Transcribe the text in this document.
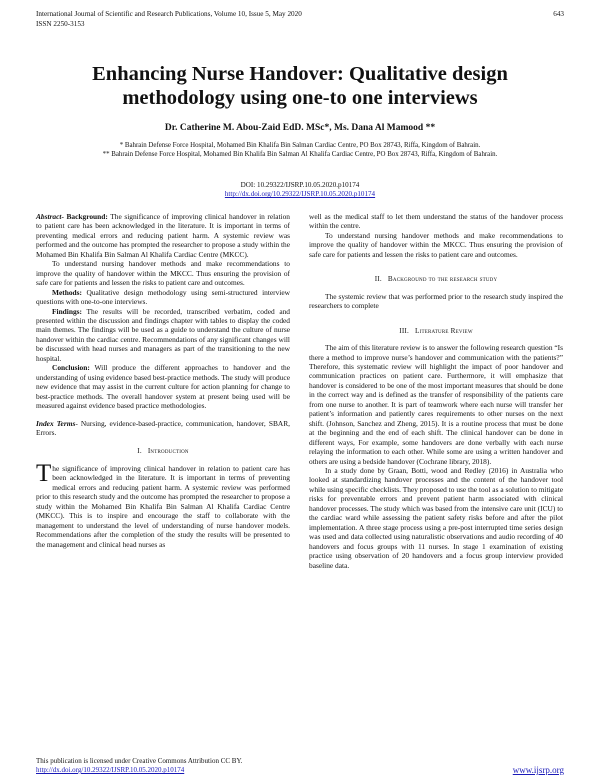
International Journal of Scientific and Research Publications, Volume 10, Issue 5, May 2020
ISSN 2250-3153
643
Enhancing Nurse Handover: Qualitative design
methodology using one-to one interviews
Dr. Catherine M. Abou-Zaid EdD. MSc*, Ms. Dana Al Mamood **
* Bahrain Defense Force Hospital, Mohamed Bin Khalifa Bin Salman Cardiac Centre, PO Box 28743, Riffa, Kingdom of Bahrain.
** Bahrain Defense Force Hospital, Mohamed Bin Khalifa Bin Salman Al Khalifa Cardiac Centre, PO Box 28743, Riffa, Kingdom of Bahrain.
DOI: 10.29322/IJSRP.10.05.2020.p10174
http://dx.doi.org/10.29322/IJSRP.10.05.2020.p10174

Abstract- Background: The significance of improving clinical handover in relation to patient care has been acknowledged in the literature. It is important in terms of preventing medical errors and reducing patient harm. A systemic review was performed and the outcome has prompted the researcher to propose a study within the Mohamed Bin Khalifa Bin Salman Al Khalifa Cardiac Centre (MKCC).

To understand nursing handover methods and make recommendations to improve the quality of handover within the MKCC. Thus ensuring the provision of safe care for patients and lessen the risks to patient care and outcomes.

Methods: Qualitative design methodology using semi-structured interview questions with one-to-one interviews.

Findings: The results will be recorded, transcribed verbatim, coded and presented within the discussion and findings chapter with tables to display the coded main themes. The findings will be used as a guide to understand the culture of nurse handover within the cardiac centre. Recommendations of any significant changes will be discussed with head nurses and managers as part of the transitioning to the new hospital.

Conclusion: Will produce the different approaches to handover and the understanding of using evidence based best-practice methods. The study will produce new evidence that may assist in the current culture for action planning for change to best-practice methods. The overall handover system at present being used will be measured against evidence based practice methodologies.

Index Terms- Nursing, evidence-based-practice, communication, handover, SBAR, Errors.

I. Introduction

The significance of improving clinical handover in relation to patient care has been acknowledged in the literature. It is important in terms of preventing medical errors and reducing patient harm. A systemic review was performed prior to this research study and the outcome has prompted the researcher to propose a study within the Mohamed Bin Khalifa Bin Salman Al Khalifa Cardiac Centre (MKCC). This is to inspire and encourage the staff to collaborate with the management to understand the level of understanding of nurse handover models. Recommendations after the completion of the study the results will be presented to the management and clinical head nurses as

well as the medical staff to let them understand the status of the handover process within the centre.

To understand nursing handover methods and make recommendations to improve the quality of handover within the MKCC. Thus ensuring the provision of safe care for patients and lessen the risks to patient care and outcomes.

II. Background to the research study

The systemic review that was performed prior to the research study inspired the researchers to complete

III. Literature Review

The aim of this literature review is to answer the following research question “Is there a method to improve nurse’s handover and communication with the patients?” Therefore, this systematic review will highlight the impact of poor handover and communication practices on patient care. Furthermore, it will emphasize that handover is considered to be one of the most important measures that should be done in the correct way and is defined as the transfer of responsibility of the patients care from one nurse to another. It is part of teamwork where each nurse will transfer her patient’s information and patiently cares requirements to other nurses on the next shift. (Johnson, Sanchez and Zheng, 2015). It is a routine process that must be done at the beginning and the end of each shift. The clinical handover can be done in different ways, For example, some handovers are done verbally with each nurse relaying the information to each other. While some are using a written handover and others are using a bedside handover (Cochrane library, 2018).

In a study done by Graan, Botti, wood and Redley (2016) in Australia who looked at standardizing handover processes and the content of the handover tool while using specific checklists. They proposed to use the tool as a solution to mitigate risks for preventable errors and prevent patient harm associated with clinical handover processes. The study which was based from the intensive care unit (ICU) to the cardiac ward while assessing the patient safety risks before and after the pilot implementation. A three stage process using a pre-post interrupted time series design was used and data collected using naturalistic observations and audio recording of 40 handovers and focus groups with 11 nurses. In stage 1 examination of existing practice using observation of 20 handovers and a focus group interview provided baseline data.

This publication is licensed under Creative Commons Attribution CC BY.
http://dx.doi.org/10.29322/IJSRP.10.05.2020.p10174	www.ijsrp.org
